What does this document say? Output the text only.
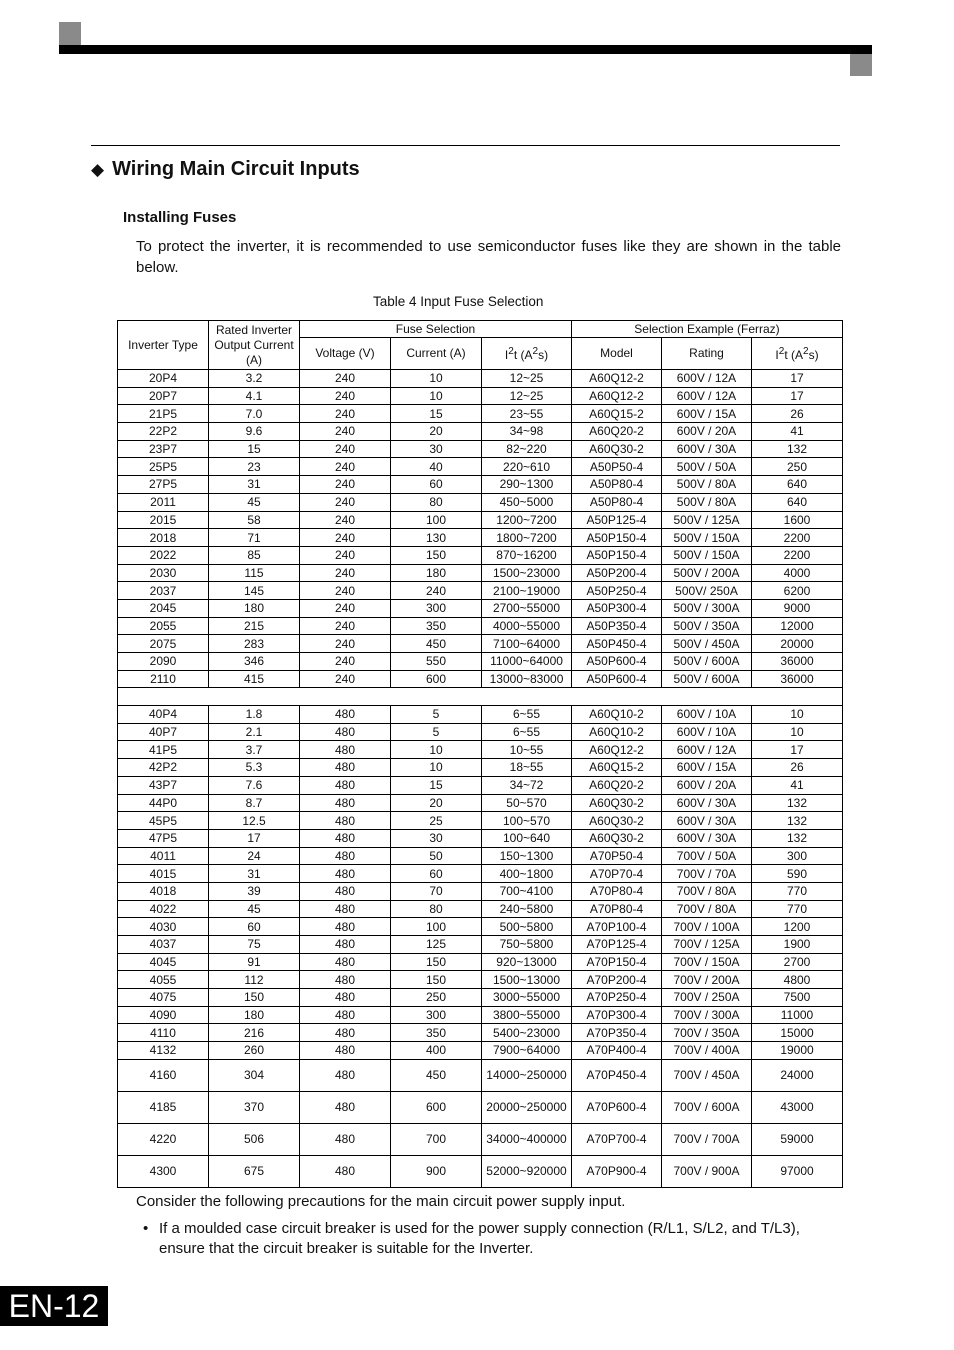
◆ Wiring Main Circuit Inputs
Installing Fuses
To protect the inverter, it is recommended to use semiconductor fuses like they are shown in the table below.
Table 4 Input Fuse Selection
Inverter Type	Rated Inverter Output Current (A)	Fuse Selection			Selection Example (Ferraz)		
		Voltage (V)	Current (A)	$I^2t$ $(A^2s)$	Model	Rating	$I^2t$ $(A^2s)$
20P4	3.2	240	10	12~25	A60Q12-2	600V / 12A	17
20P7	4.1	240	10	12~25	A60Q12-2	600V / 12A	17
21P5	7.0	240	15	23~55	A60Q15-2	600V / 15A	26
22P2	9.6	240	20	34~98	A60Q20-2	600V / 20A	41
23P7	15	240	30	82~220	A60Q30-2	600V / 30A	132
25P5	23	240	40	220~610	A50P50-4	500V / 50A	250
27P5	31	240	60	290~1300	A50P80-4	500V / 80A	640
2011	45	240	80	450~5000	A50P80-4	500V / 80A	640
2015	58	240	100	1200~7200	A50P125-4	500V / 125A	1600
2018	71	240	130	1800~7200	A50P150-4	500V / 150A	2200
2022	85	240	150	870~16200	A50P150-4	500V / 150A	2200
2030	115	240	180	1500~23000	A50P200-4	500V / 200A	4000
2037	145	240	240	2100~19000	A50P250-4	500V/ 250A	6200
2045	180	240	300	2700~55000	A50P300-4	500V / 300A	9000
2055	215	240	350	4000~55000	A50P350-4	500V / 350A	12000
2075	283	240	450	7100~64000	A50P450-4	500V / 450A	20000
2090	346	240	550	11000~64000	A50P600-4	500V / 600A	36000
2110	415	240	600	13000~83000	A50P600-4	500V / 600A	36000

40P4	1.8	480	5	6~55	A60Q10-2	600V / 10A	10
40P7	2.1	480	5	6~55	A60Q10-2	600V / 10A	10
41P5	3.7	480	10	10~55	A60Q12-2	600V / 12A	17
42P2	5.3	480	10	18~55	A60Q15-2	600V / 15A	26
43P7	7.6	480	15	34~72	A60Q20-2	600V / 20A	41
44P0	8.7	480	20	50~570	A60Q30-2	600V / 30A	132
45P5	12.5	480	25	100~570	A60Q30-2	600V / 30A	132
47P5	17	480	30	100~640	A60Q30-2	600V / 30A	132
4011	24	480	50	150~1300	A70P50-4	700V / 50A	300
4015	31	480	60	400~1800	A70P70-4	700V / 70A	590
4018	39	480	70	700~4100	A70P80-4	700V / 80A	770
4022	45	480	80	240~5800	A70P80-4	700V / 80A	770
4030	60	480	100	500~5800	A70P100-4	700V / 100A	1200
4037	75	480	125	750~5800	A70P125-4	700V / 125A	1900
4045	91	480	150	920~13000	A70P150-4	700V / 150A	2700
4055	112	480	150	1500~13000	A70P200-4	700V / 200A	4800
4075	150	480	250	3000~55000	A70P250-4	700V / 250A	7500
4090	180	480	300	3800~55000	A70P300-4	700V / 300A	11000
4110	216	480	350	5400~23000	A70P350-4	700V / 350A	15000
4132	260	480	400	7900~64000	A70P400-4	700V / 400A	19000
4160	304	480	450	14000~250000	A70P450-4	700V / 450A	24000
4185	370	480	600	20000~250000	A70P600-4	700V / 600A	43000
4220	506	480	700	34000~400000	A70P700-4	700V / 700A	59000
4300	675	480	900	52000~920000	A70P900-4	700V / 900A	97000
Consider the following precautions for the main circuit power supply input.
• If a moulded case circuit breaker is used for the power supply connection (R/L1, S/L2, and T/L3), ensure that the circuit breaker is suitable for the Inverter.
EN-12
